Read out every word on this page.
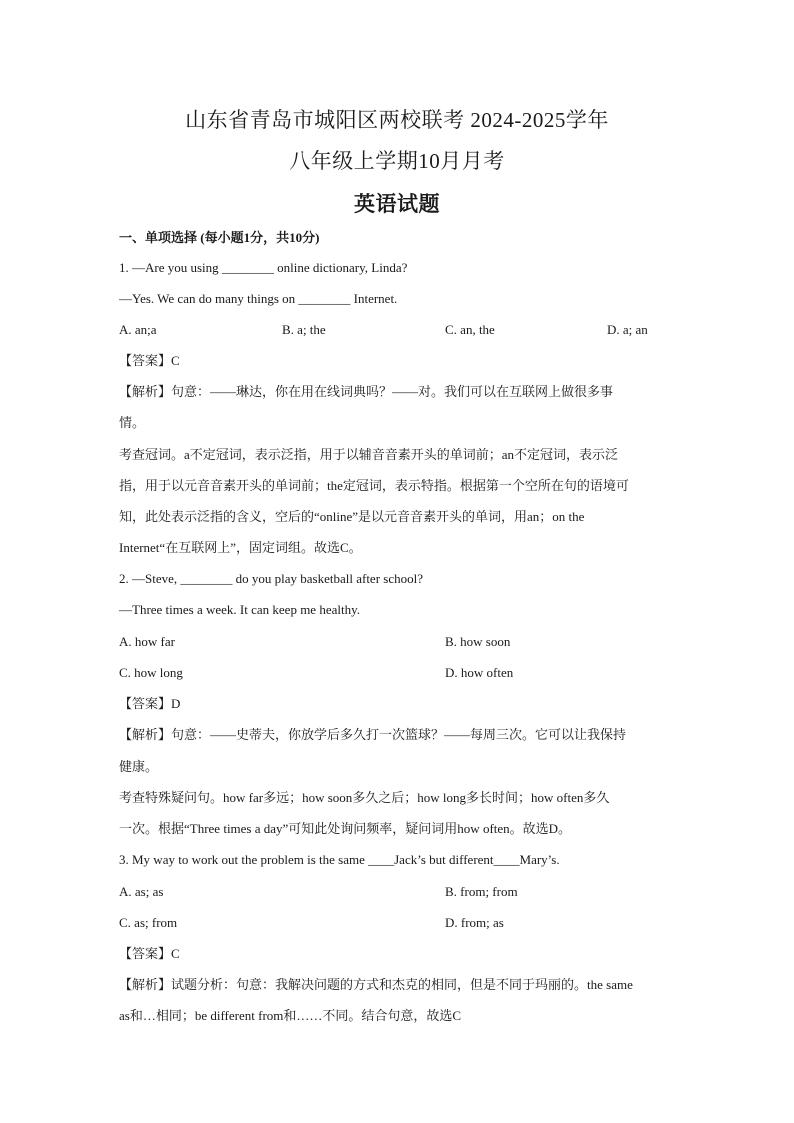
山东省青岛市城阳区两校联考 2024-2025学年
八年级上学期10月月考
英语试题
一、单项选择 (每小题1分，共10分)
1. —Are you using ________ online dictionary, Linda?
—Yes. We can do many things on ________ Internet.
A. an;a	B. a; the	C. an, the	D. a; an
【答案】C
【解析】句意：——琳达，你在用在线词典吗？——对。我们可以在互联网上做很多事
情。
考查冠词。a不定冠词，表示泛指，用于以辅音音素开头的单词前；an不定冠词，表示泛
指，用于以元音音素开头的单词前；the定冠词，表示特指。根据第一个空所在句的语境可
知，此处表示泛指的含义，空后的“online”是以元音音素开头的单词，用an；on the
Internet“在互联网上”，固定词组。故选C。
2. —Steve, ________ do you play basketball after school?
—Three times a week. It can keep me healthy.
A. how far	B. how soon
C. how long	D. how often
【答案】D
【解析】句意：——史蒂夫，你放学后多久打一次篮球？——每周三次。它可以让我保持
健康。
考查特殊疑问句。how far多远；how soon多久之后；how long多长时间；how often多久
一次。根据“Three times a day”可知此处询问频率，疑问词用how often。故选D。
3. My way to work out the problem is the same ____Jack’s but different____Mary’s.
A. as; as	B. from; from
C. as; from	D. from; as
【答案】C
【解析】试题分析：句意：我解决问题的方式和杰克的相同，但是不同于玛丽的。the same
as和…相同；be different from和……不同。结合句意，故选C
